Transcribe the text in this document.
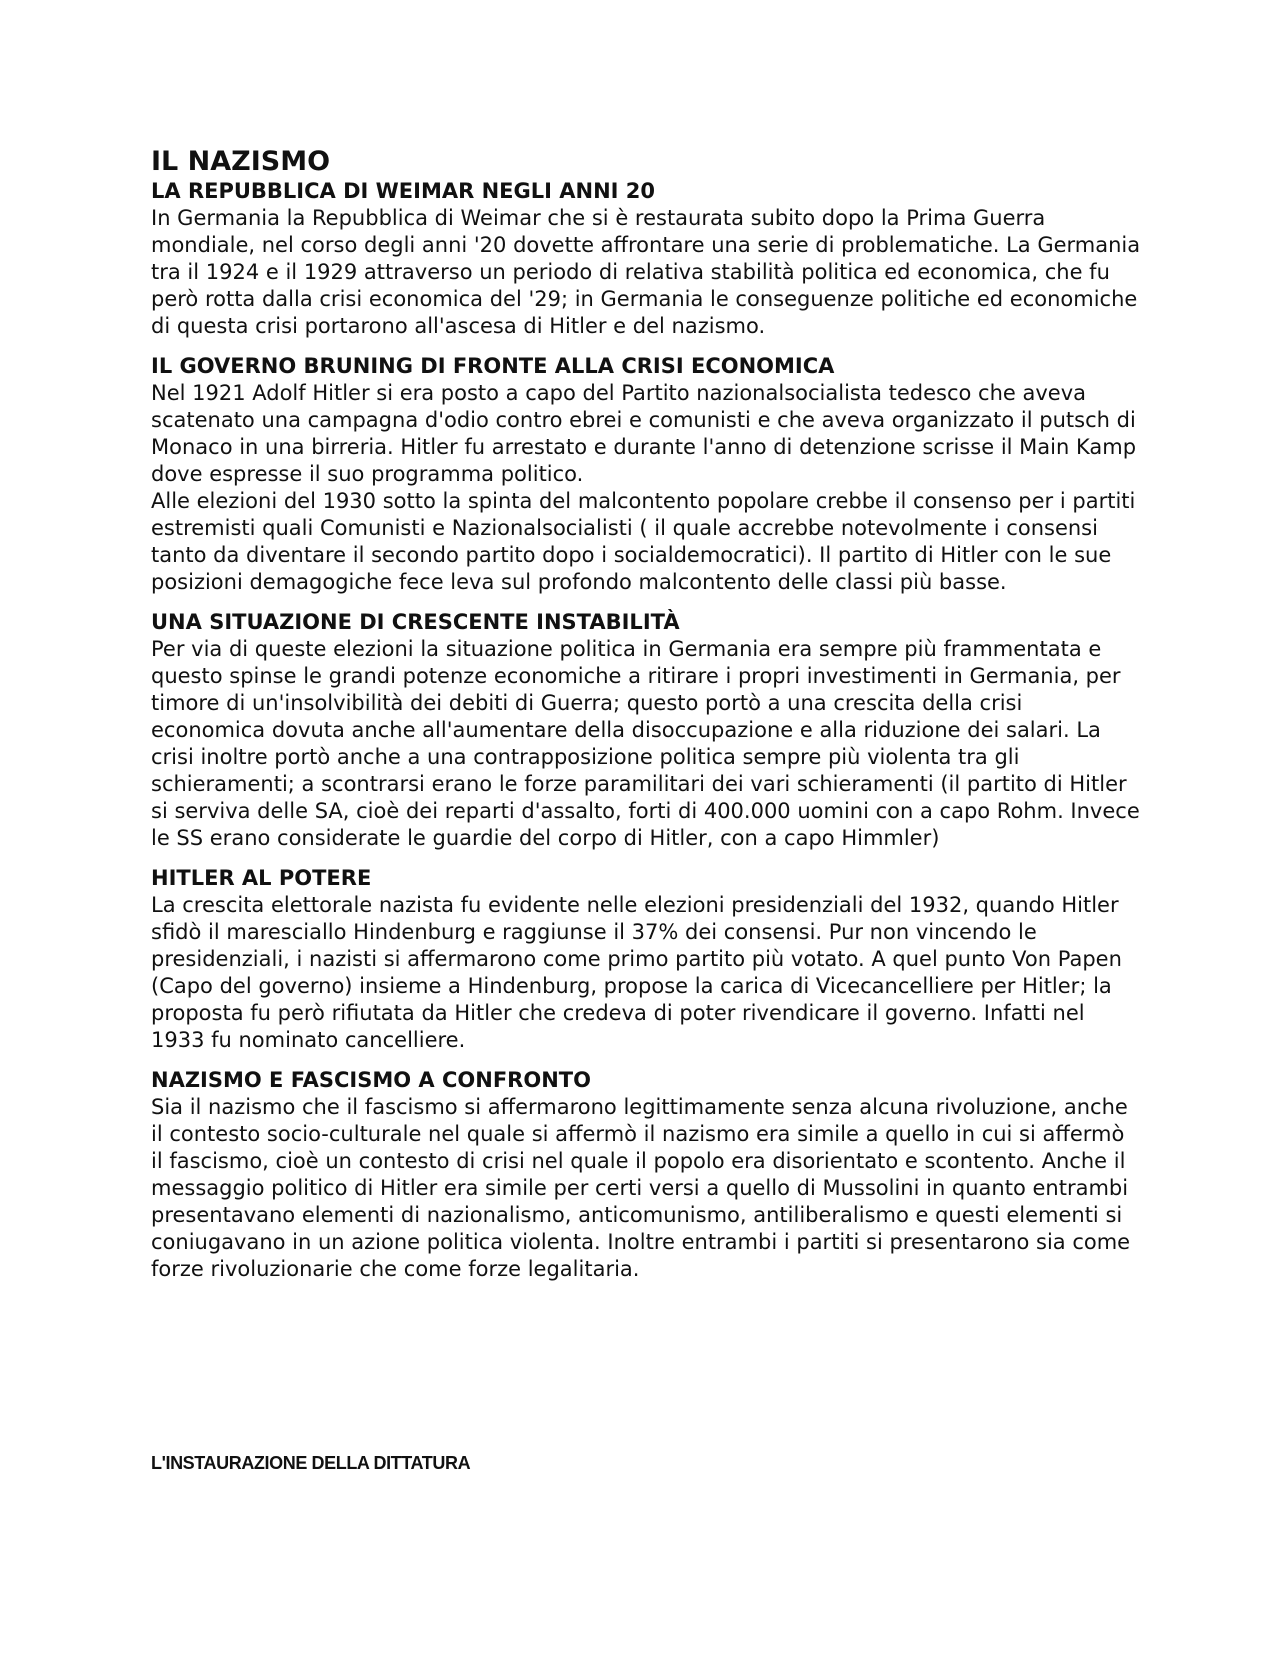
IL NAZISMO
LA REPUBBLICA DI WEIMAR NEGLI ANNI 20

In Germania la Repubblica di Weimar che si è restaurata subito dopo la Prima Guerra mondiale, nel corso degli anni '20 dovette affrontare una serie di problematiche. La Germania tra il 1924 e il 1929 attraverso un periodo di relativa stabilità politica ed economica, che fu però rotta dalla crisi economica del '29; in Germania le conseguenze politiche ed economiche di questa crisi portarono all'ascesa di Hitler e del nazismo.

IL GOVERNO BRUNING DI FRONTE ALLA CRISI ECONOMICA

Nel 1921 Adolf Hitler si era posto a capo del Partito nazionalsocialista tedesco che aveva scatenato una campagna d'odio contro ebrei e comunisti e che aveva organizzato il putsch di Monaco in una birreria. Hitler fu arrestato e durante l'anno di detenzione scrisse il Main Kamp dove espresse il suo programma politico.

Alle elezioni del 1930 sotto la spinta del malcontento popolare crebbe il consenso per i partiti estremisti quali Comunisti e Nazionalsocialisti ( il quale accrebbe notevolmente i consensi tanto da diventare il secondo partito dopo i socialdemocratici). Il partito di Hitler con le sue posizioni demagogiche fece leva sul profondo malcontento delle classi più basse.

UNA SITUAZIONE DI CRESCENTE INSTABILITÀ

Per via di queste elezioni la situazione politica in Germania era sempre più frammentata e questo spinse le grandi potenze economiche a ritirare i propri investimenti in Germania, per timore di un'insolvibilità dei debiti di Guerra; questo portò a una crescita della crisi economica dovuta anche all'aumentare della disoccupazione e alla riduzione dei salari. La crisi inoltre portò anche a una contrapposizione politica sempre più violenta tra gli schieramenti; a scontrarsi erano le forze paramilitari dei vari schieramenti (il partito di Hitler si serviva delle SA, cioè dei reparti d'assalto, forti di 400.000 uomini con a capo Rohm. Invece le SS erano considerate le guardie del corpo di Hitler, con a capo Himmler)

HITLER AL POTERE

La crescita elettorale nazista fu evidente nelle elezioni presidenziali del 1932, quando Hitler sfidò il maresciallo Hindenburg e raggiunse il 37% dei consensi. Pur non vincendo le presidenziali, i nazisti si affermarono come primo partito più votato. A quel punto Von Papen (Capo del governo) insieme a Hindenburg, propose la carica di Vicecancelliere per Hitler; la proposta fu però rifiutata da Hitler che credeva di poter rivendicare il governo. Infatti nel 1933 fu nominato cancelliere.

NAZISMO E FASCISMO A CONFRONTO

Sia il nazismo che il fascismo si affermarono legittimamente senza alcuna rivoluzione, anche il contesto socio-culturale nel quale si affermò il nazismo era simile a quello in cui si affermò il fascismo, cioè un contesto di crisi nel quale il popolo era disorientato e scontento. Anche il messaggio politico di Hitler era simile per certi versi a quello di Mussolini in quanto entrambi presentavano elementi di nazionalismo, anticomunismo, antiliberalismo e questi elementi si coniugavano in un azione politica violenta. Inoltre entrambi i partiti si presentarono sia come forze rivoluzionarie che come forze legalitaria.

L'INSTAURAZIONE DELLA DITTATURA
